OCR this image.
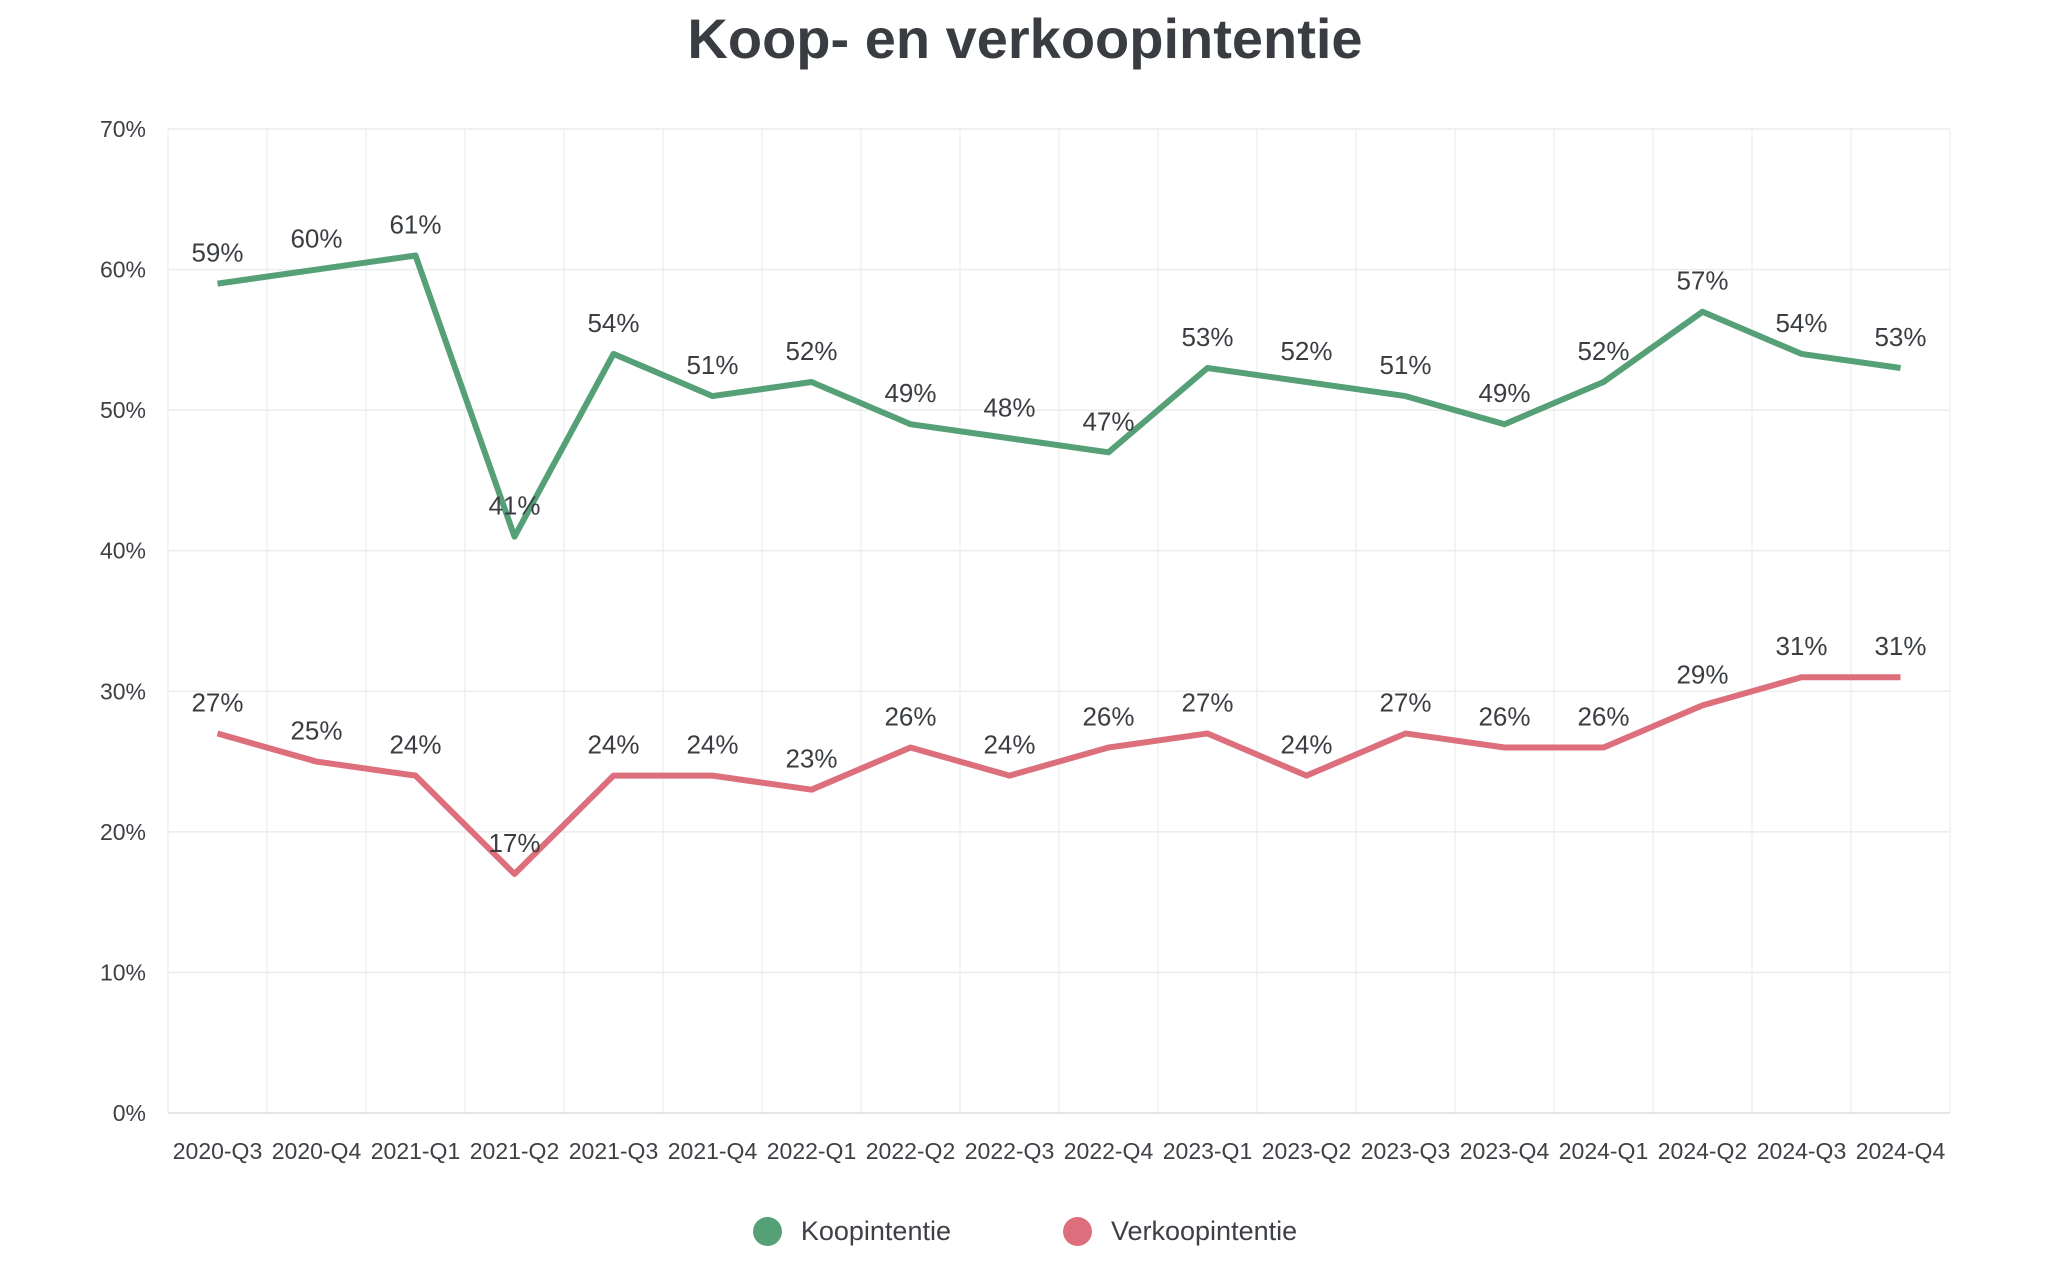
Koop- en verkoopintentie
0%
10%
20%
30%
40%
50%
60%
70%
2020-Q3 2020-Q4 2021-Q1 2021-Q2 2021-Q3 2021-Q4 2022-Q1 2022-Q2 2022-Q3 2022-Q4 2023-Q1 2023-Q2 2023-Q3 2023-Q4 2024-Q1 2024-Q2 2024-Q3 2024-Q4
59% 60% 61%
41%
54%
51% 52%
49% 48% 47%
53% 52% 51%
49%
52%
57%
54% 53%
27%
25% 24%
17%
24% 24% 23%
26%
24%
26% 27%
24%
27% 26% 26%
29%
31% 31%
Koopintentie	Verkoopintentie
